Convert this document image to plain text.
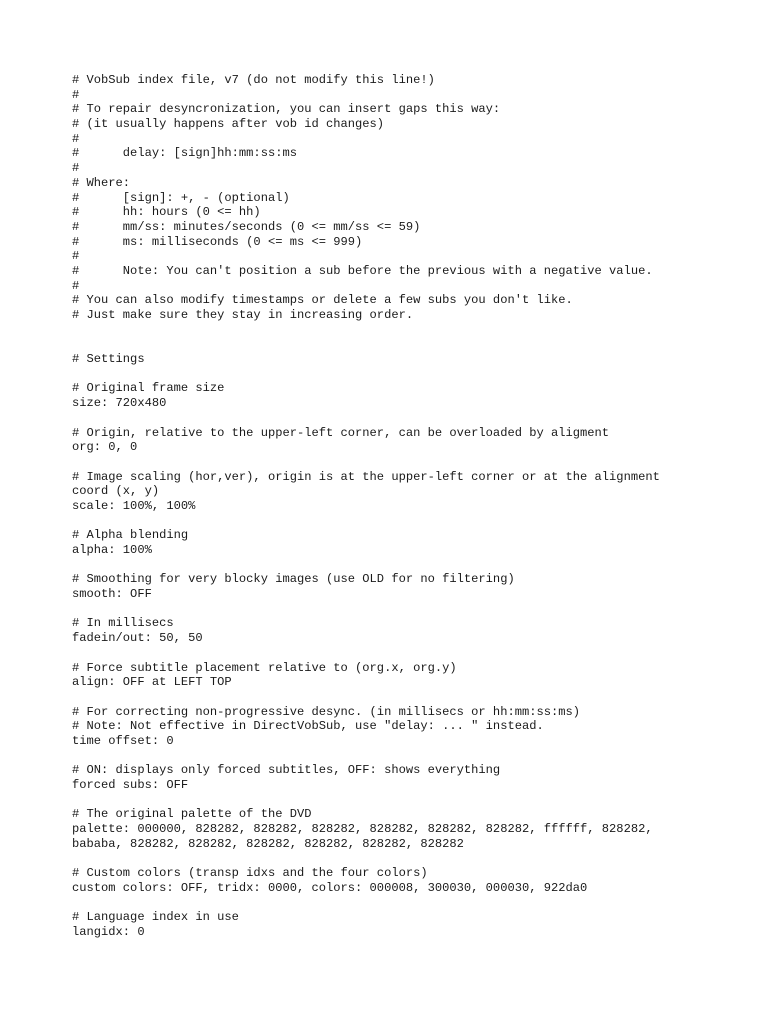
# VobSub index file, v7 (do not modify this line!)
#
# To repair desyncronization, you can insert gaps this way:
# (it usually happens after vob id changes)
#
#      delay: [sign]hh:mm:ss:ms
#
# Where:
#      [sign]: +, - (optional)
#      hh: hours (0 <= hh)
#      mm/ss: minutes/seconds (0 <= mm/ss <= 59)
#      ms: milliseconds (0 <= ms <= 999)
#
#      Note: You can't position a sub before the previous with a negative value.
#
# You can also modify timestamps or delete a few subs you don't like.
# Just make sure they stay in increasing order.
# Settings
# Original frame size
size: 720x480
# Origin, relative to the upper-left corner, can be overloaded by aligment
org: 0, 0
# Image scaling (hor,ver), origin is at the upper-left corner or at the alignment
coord (x, y)
scale: 100%, 100%
# Alpha blending
alpha: 100%
# Smoothing for very blocky images (use OLD for no filtering)
smooth: OFF
# In millisecs
fadein/out: 50, 50
# Force subtitle placement relative to (org.x, org.y)
align: OFF at LEFT TOP
# For correcting non-progressive desync. (in millisecs or hh:mm:ss:ms)
# Note: Not effective in DirectVobSub, use "delay: ... " instead.
time offset: 0
# ON: displays only forced subtitles, OFF: shows everything
forced subs: OFF
# The original palette of the DVD
palette: 000000, 828282, 828282, 828282, 828282, 828282, 828282, ffffff, 828282,
bababa, 828282, 828282, 828282, 828282, 828282, 828282
# Custom colors (transp idxs and the four colors)
custom colors: OFF, tridx: 0000, colors: 000008, 300030, 000030, 922da0
# Language index in use
langidx: 0
